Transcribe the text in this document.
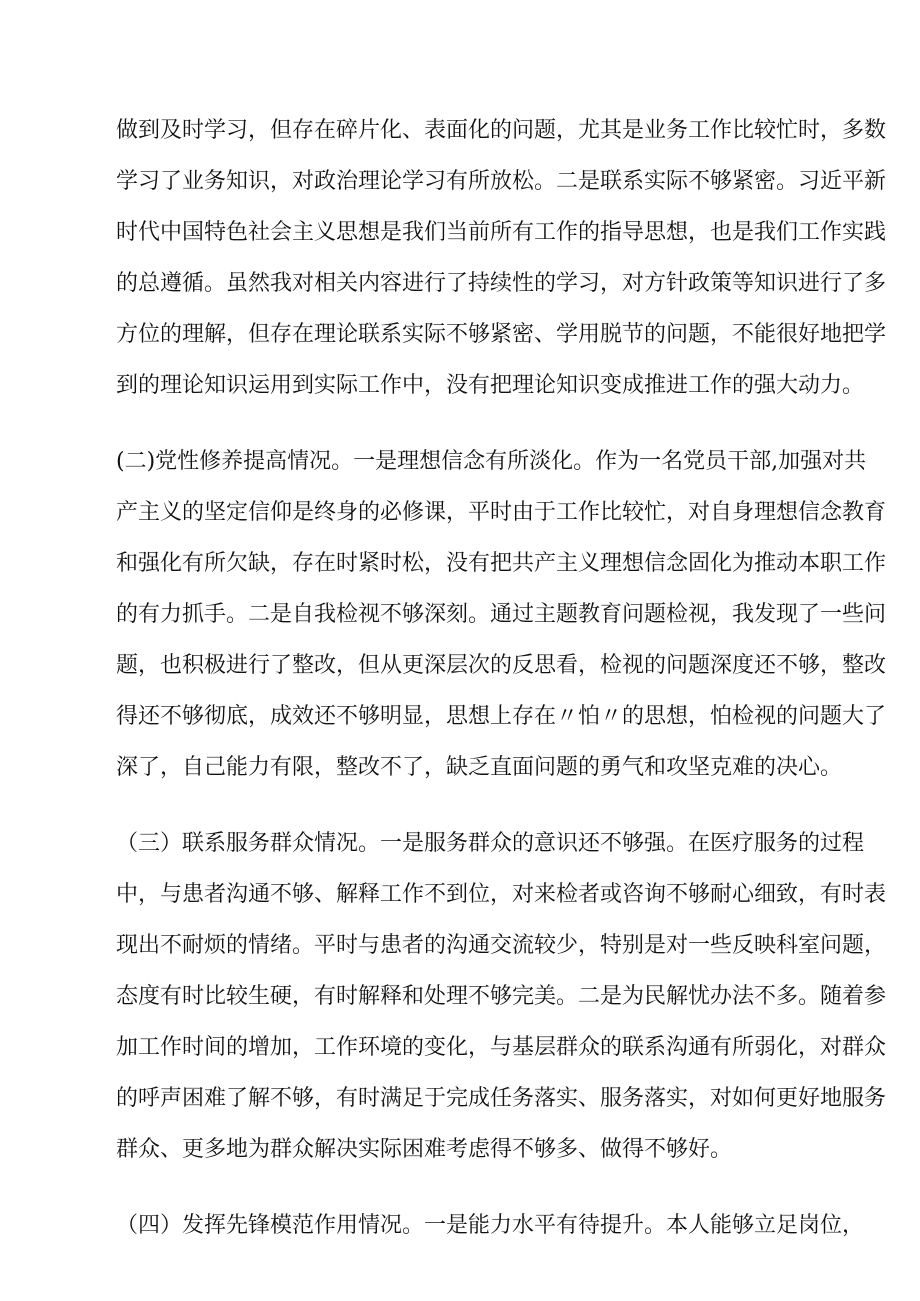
做到及时学习，但存在碎片化、表面化的问题，尤其是业务工作比较忙时，多数
学习了业务知识，对政治理论学习有所放松。二是联系实际不够紧密。习近平新
时代中国特色社会主义思想是我们当前所有工作的指导思想，也是我们工作实践
的总遵循。虽然我对相关内容进行了持续性的学习，对方针政策等知识进行了多
方位的理解，但存在理论联系实际不够紧密、学用脱节的问题，不能很好地把学
到的理论知识运用到实际工作中，没有把理论知识变成推进工作的强大动力。

(二)党性修养提高情况。一是理想信念有所淡化。作为一名党员干部,加强对共
产主义的坚定信仰是终身的必修课，平时由于工作比较忙，对自身理想信念教育
和强化有所欠缺，存在时紧时松，没有把共产主义理想信念固化为推动本职工作
的有力抓手。二是自我检视不够深刻。通过主题教育问题检视，我发现了一些问
题，也积极进行了整改，但从更深层次的反思看，检视的问题深度还不够，整改
得还不够彻底，成效还不够明显，思想上存在〃怕〃的思想，怕检视的问题大了
深了，自己能力有限，整改不了，缺乏直面问题的勇气和攻坚克难的决心。

（三）联系服务群众情况。一是服务群众的意识还不够强。在医疗服务的过程
中，与患者沟通不够、解释工作不到位，对来检者或咨询不够耐心细致，有时表
现出不耐烦的情绪。平时与患者的沟通交流较少，特别是对一些反映科室问题，
态度有时比较生硬，有时解释和处理不够完美。二是为民解忧办法不多。随着参
加工作时间的增加，工作环境的变化，与基层群众的联系沟通有所弱化，对群众
的呼声困难了解不够，有时满足于完成任务落实、服务落实，对如何更好地服务
群众、更多地为群众解决实际困难考虑得不够多、做得不够好。

（四）发挥先锋模范作用情况。一是能力水平有待提升。本人能够立足岗位，
